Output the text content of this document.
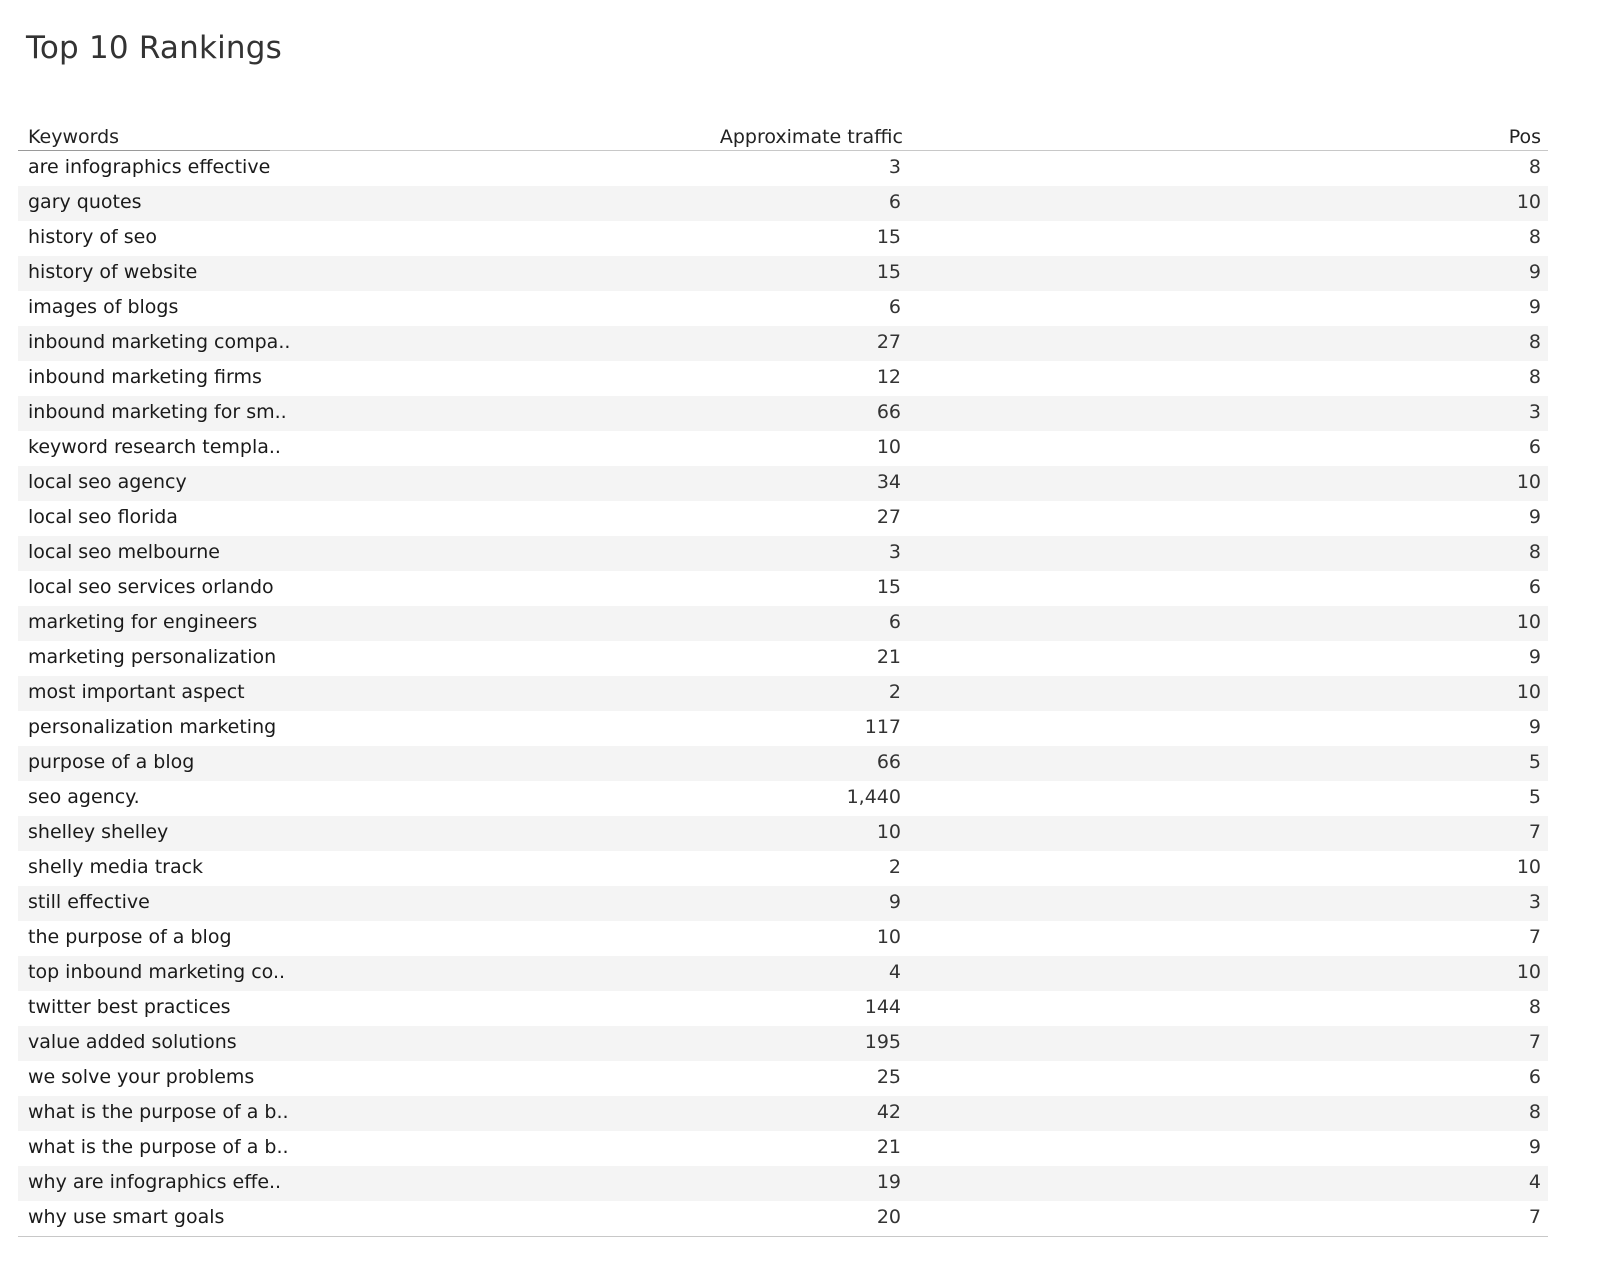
Top 10 Rankings
Keywords	Approximate traffic	Pos
are infographics effective	3	8
gary quotes	6	10
history of seo	15	8
history of website	15	9
images of blogs	6	9
inbound marketing compa..	27	8
inbound marketing firms	12	8
inbound marketing for sm..	66	3
keyword research templa..	10	6
local seo agency	34	10
local seo florida	27	9
local seo melbourne	3	8
local seo services orlando	15	6
marketing for engineers	6	10
marketing personalization	21	9
most important aspect	2	10
personalization marketing	117	9
purpose of a blog	66	5
seo agency.	1,440	5
shelley shelley	10	7
shelly media track	2	10
still effective	9	3
the purpose of a blog	10	7
top inbound marketing co..	4	10
twitter best practices	144	8
value added solutions	195	7
we solve your problems	25	6
what is the purpose of a b..	42	8
what is the purpose of a b..	21	9
why are infographics effe..	19	4
why use smart goals	20	7
